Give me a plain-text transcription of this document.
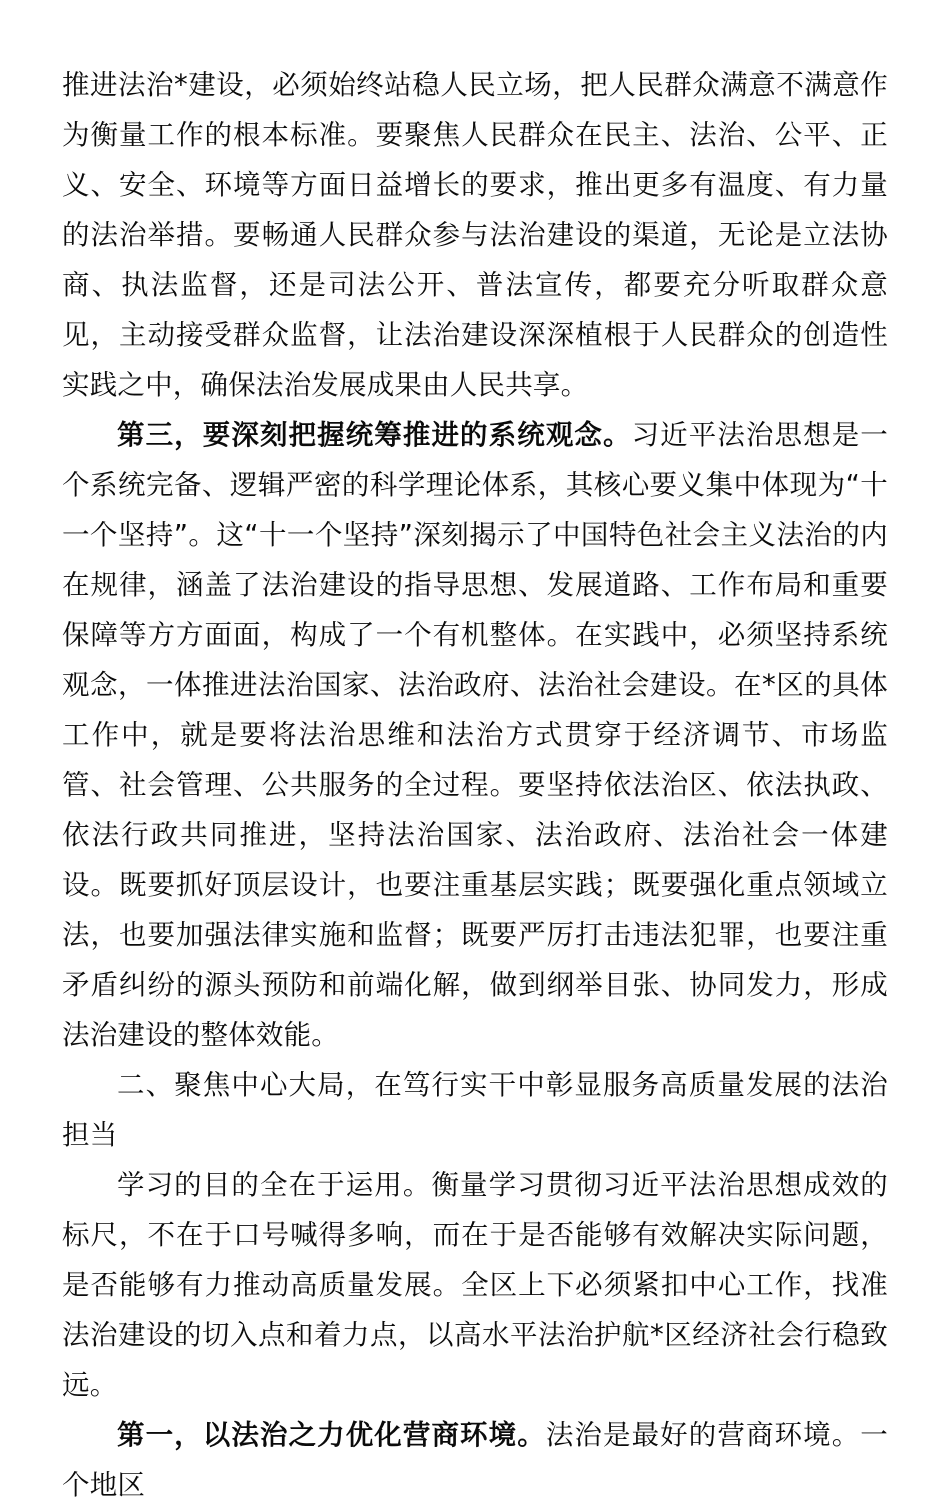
推进法治*建设，必须始终站稳人民立场，把人民群众满意不满意作为衡量工作的根本标准。要聚焦人民群众在民主、法治、公平、正义、安全、环境等方面日益增长的要求，推出更多有温度、有力量的法治举措。要畅通人民群众参与法治建设的渠道，无论是立法协商、执法监督，还是司法公开、普法宣传，都要充分听取群众意见，主动接受群众监督，让法治建设深深植根于人民群众的创造性实践之中，确保法治发展成果由人民共享。

第三，要深刻把握统筹推进的系统观念。习近平法治思想是一个系统完备、逻辑严密的科学理论体系，其核心要义集中体现为“十一个坚持”。这“十一个坚持”深刻揭示了中国特色社会主义法治的内在规律，涵盖了法治建设的指导思想、发展道路、工作布局和重要保障等方方面面，构成了一个有机整体。在实践中，必须坚持系统观念，一体推进法治国家、法治政府、法治社会建设。在*区的具体工作中，就是要将法治思维和法治方式贯穿于经济调节、市场监管、社会管理、公共服务的全过程。要坚持依法治区、依法执政、依法行政共同推进，坚持法治国家、法治政府、法治社会一体建设。既要抓好顶层设计，也要注重基层实践；既要强化重点领域立法，也要加强法律实施和监督；既要严厉打击违法犯罪，也要注重矛盾纠纷的源头预防和前端化解，做到纲举目张、协同发力，形成法治建设的整体效能。

二、聚焦中心大局，在笃行实干中彰显服务高质量发展的法治担当

学习的目的全在于运用。衡量学习贯彻习近平法治思想成效的标尺，不在于口号喊得多响，而在于是否能够有效解决实际问题，是否能够有力推动高质量发展。全区上下必须紧扣中心工作，找准法治建设的切入点和着力点，以高水平法治护航*区经济社会行稳致远。

第一，以法治之力优化营商环境。法治是最好的营商环境。一个地区
